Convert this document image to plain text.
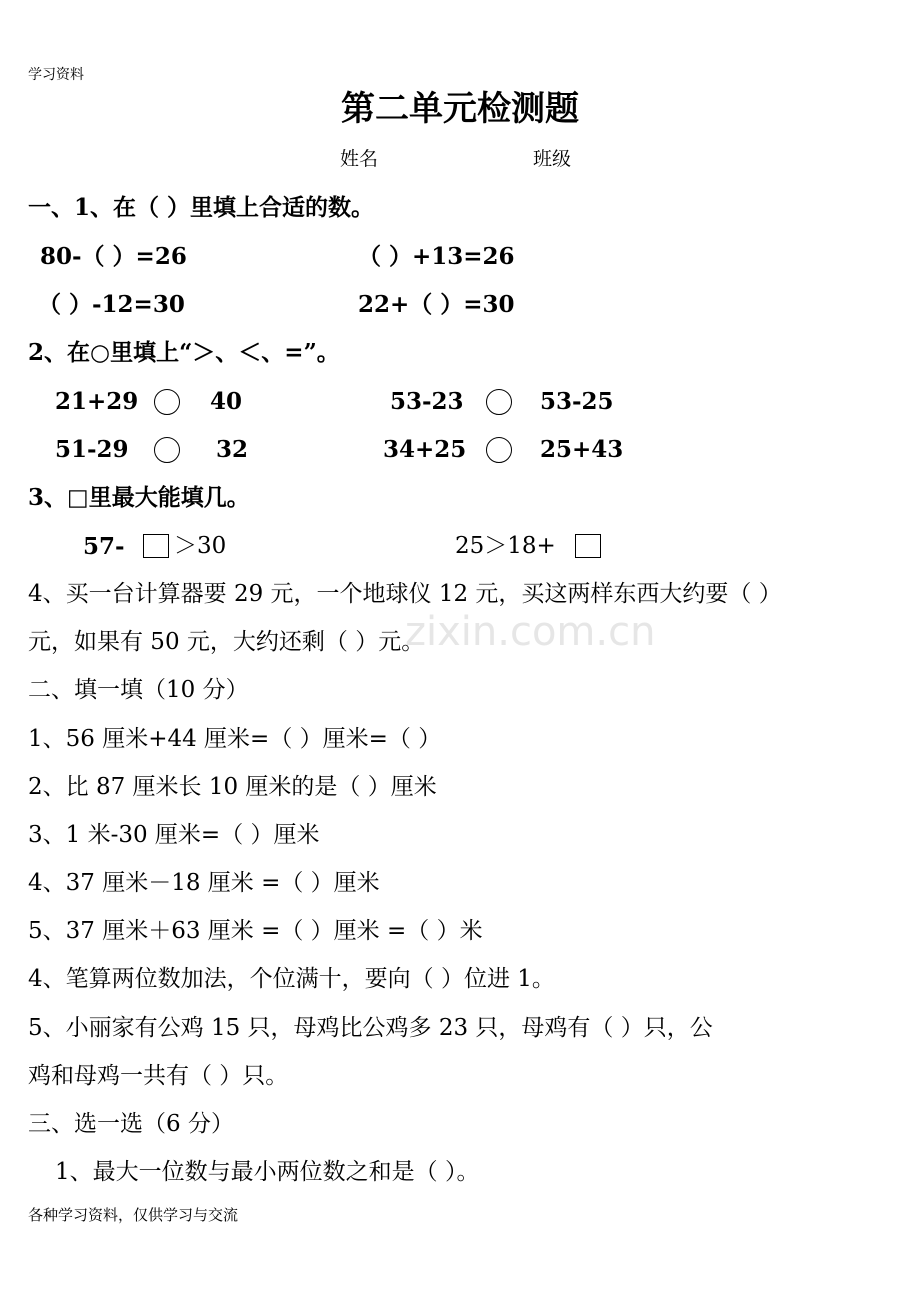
学习资料
第二单元检测题
姓名	班级
zixin.com.cn
一、1、在（ ）里填上合适的数。
80-（ ）=26	（ ）+13=26
（ ）-12=30	22+（ ）=30
2、在○里填上“＞、＜、=”。
21+29	40	53-23	53-25
51-29	32	34+25	25+43
3、□里最大能填几。
57- ＞30	25＞18+
4、买一台计算器要 29 元，一个地球仪 12 元，买这两样东西大约要（ ）
元，如果有 50 元，大约还剩（ ）元。
二、填一填（10 分）
1、56 厘米+44 厘米=（ ）厘米=（ ）
2、比 87 厘米长 10 厘米的是（ ）厘米
3、1 米-30 厘米=（ ）厘米
4、37 厘米－18 厘米 =（ ）厘米
5、37 厘米＋63 厘米 =（ ）厘米 =（ ）米
4、笔算两位数加法，个位满十，要向（ ）位进 1。
5、小丽家有公鸡 15 只，母鸡比公鸡多 23 只，母鸡有（ ）只，公
鸡和母鸡一共有（ ）只。
三、选一选（6 分）
1、最大一位数与最小两位数之和是（ ）。
各种学习资料，仅供学习与交流
